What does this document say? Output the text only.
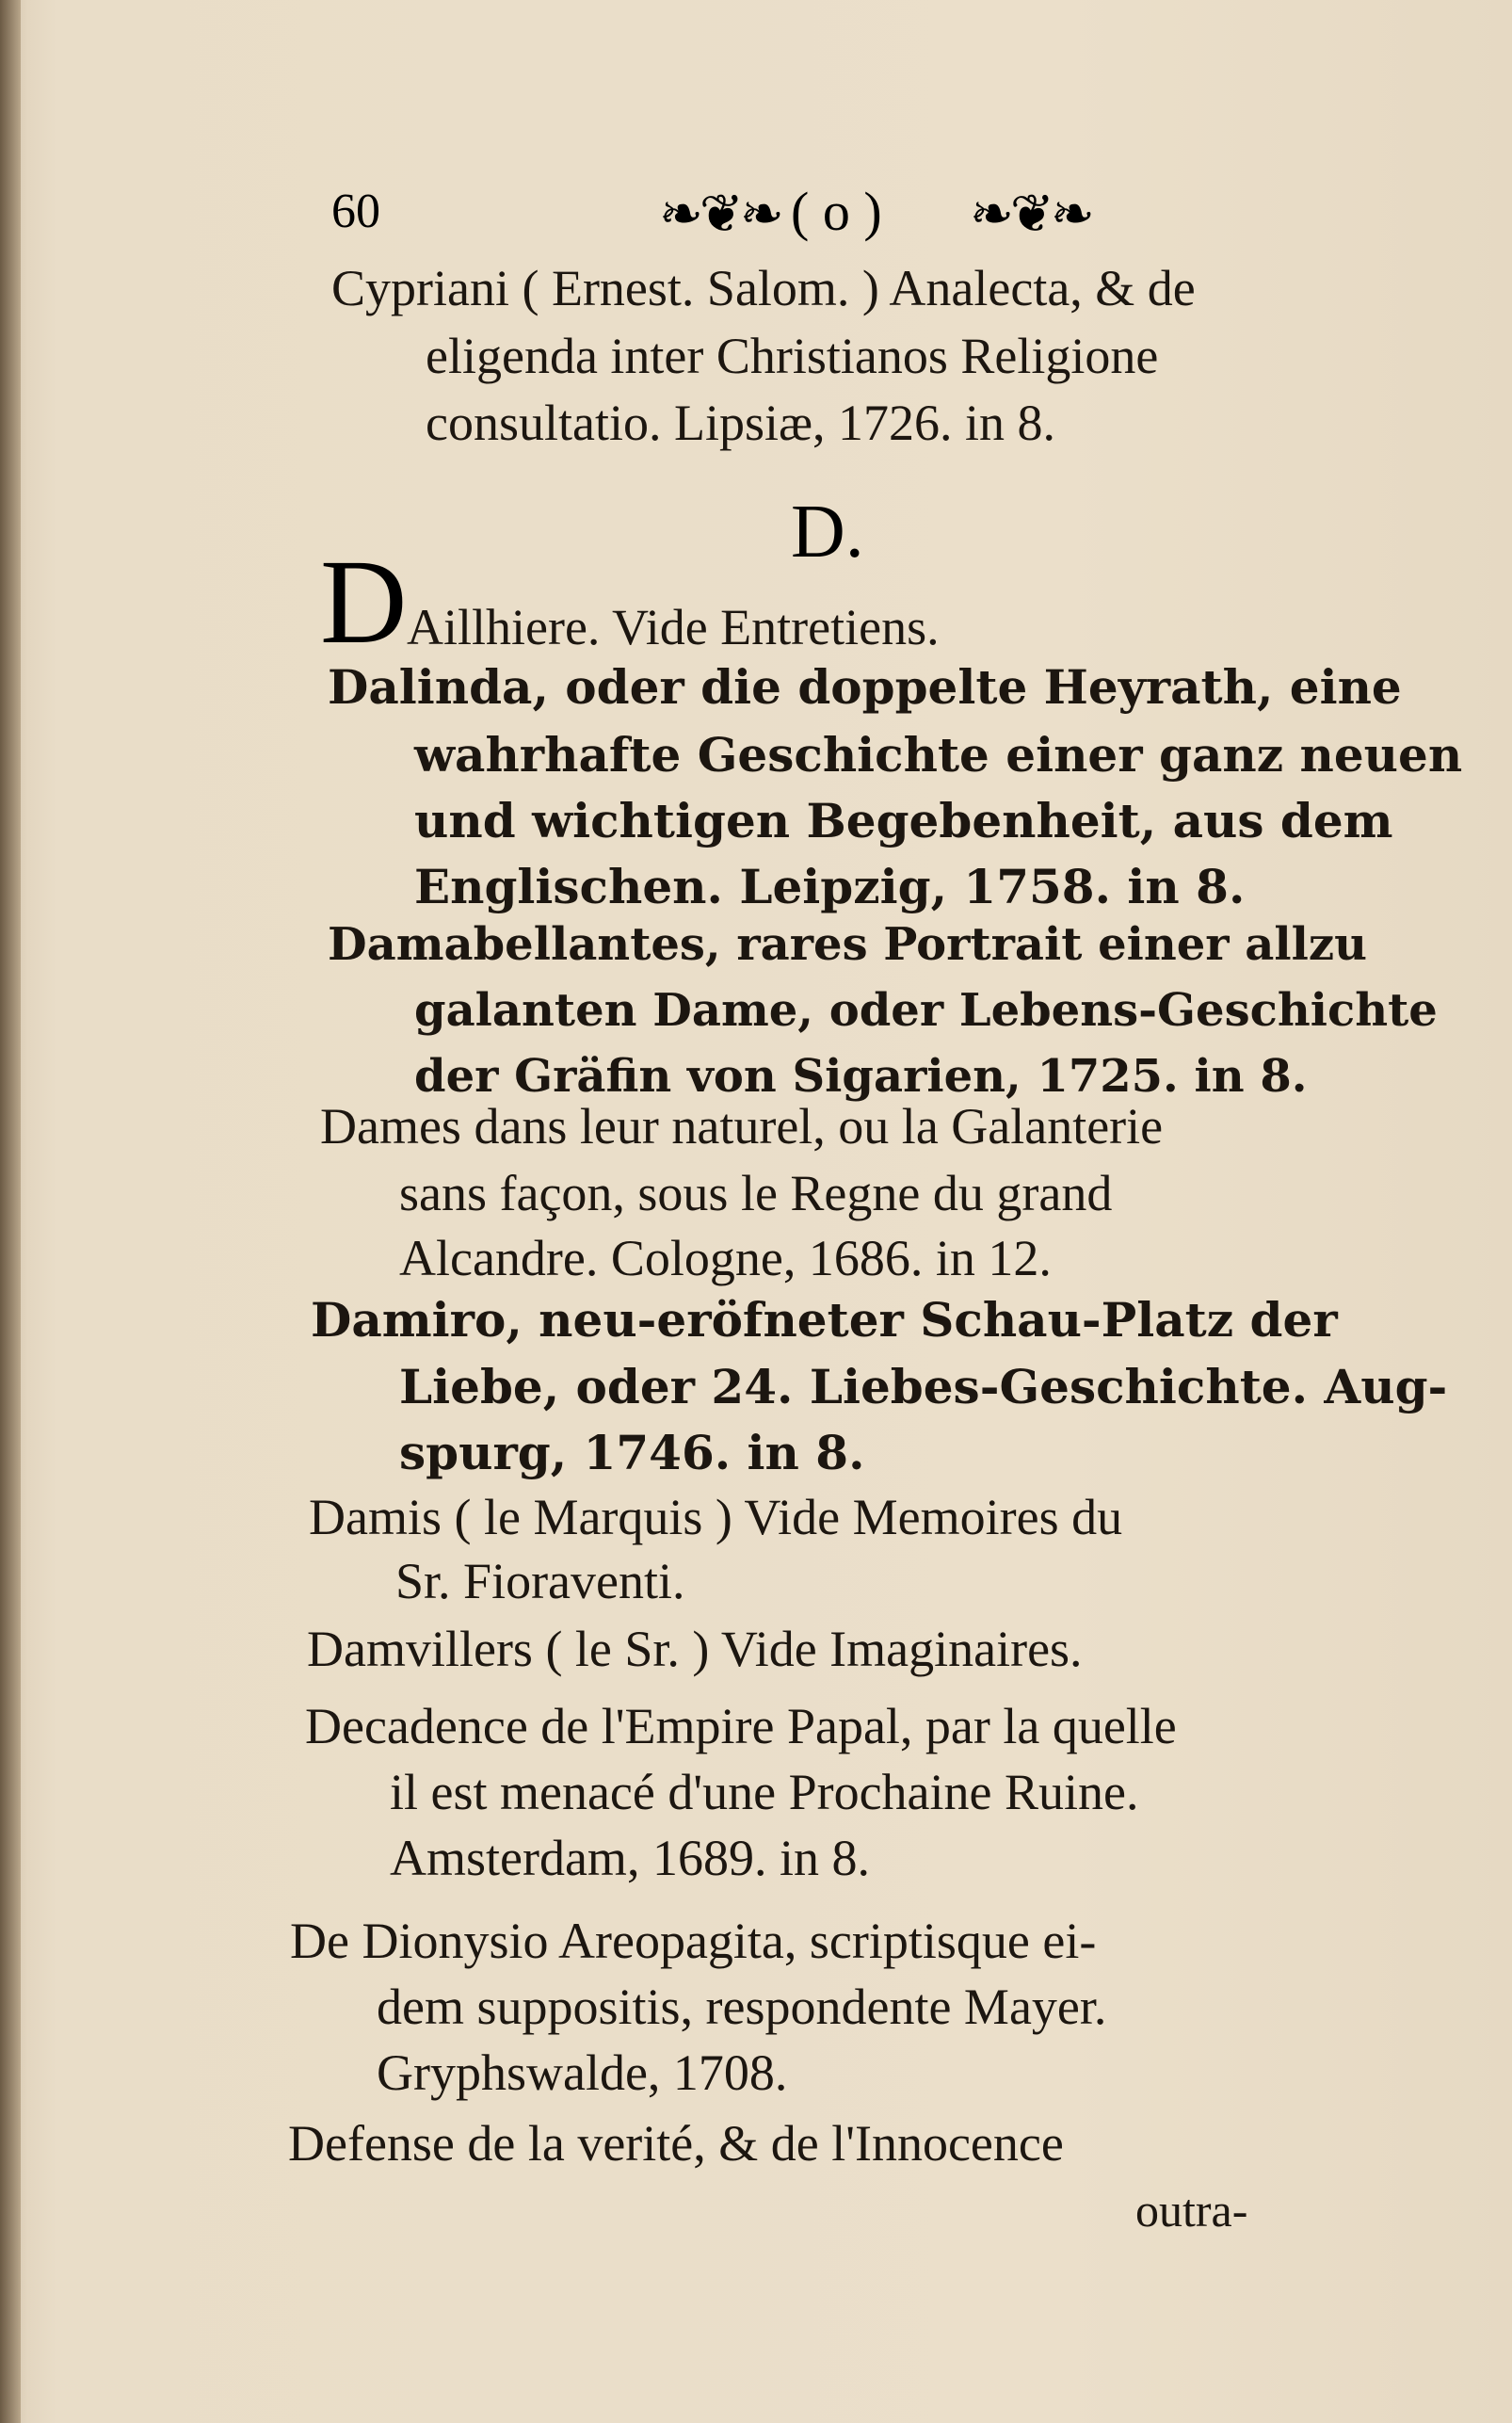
60	❧❦❧ ( o ) ❧❦❧
Cypriani ( Ernest. Salom. ) Analecta, & de
eligenda inter Christianos Religione
consultatio. Lipsiæ, 1726. in 8.
D.
D Aillhiere. Vide Entretiens.
Dalinda, oder die doppelte Heyrath, eine
wahrhafte Geschichte einer ganz neuen
und wichtigen Begebenheit, aus dem
Englischen. Leipzig, 1758. in 8.
Damabellantes, rares Portrait einer allzu
galanten Dame, oder Lebens-Geschichte
der Gräfin von Sigarien, 1725. in 8.
Dames dans leur naturel, ou la Galanterie
sans façon, sous le Regne du grand
Alcandre. Cologne, 1686. in 12.
Damiro, neu-eröfneter Schau-Platz der
Liebe, oder 24. Liebes-Geschichte. Aug-
spurg, 1746. in 8.
Damis ( le Marquis ) Vide Memoires du
Sr. Fioraventi.
Damvillers ( le Sr. ) Vide Imaginaires.
Decadence de l'Empire Papal, par la quelle
il est menacé d'une Prochaine Ruine.
Amsterdam, 1689. in 8.
De Dionysio Areopagita, scriptisque ei-
dem suppositis, respondente Mayer.
Gryphswalde, 1708.
Defense de la verité, & de l'Innocence
outra-
